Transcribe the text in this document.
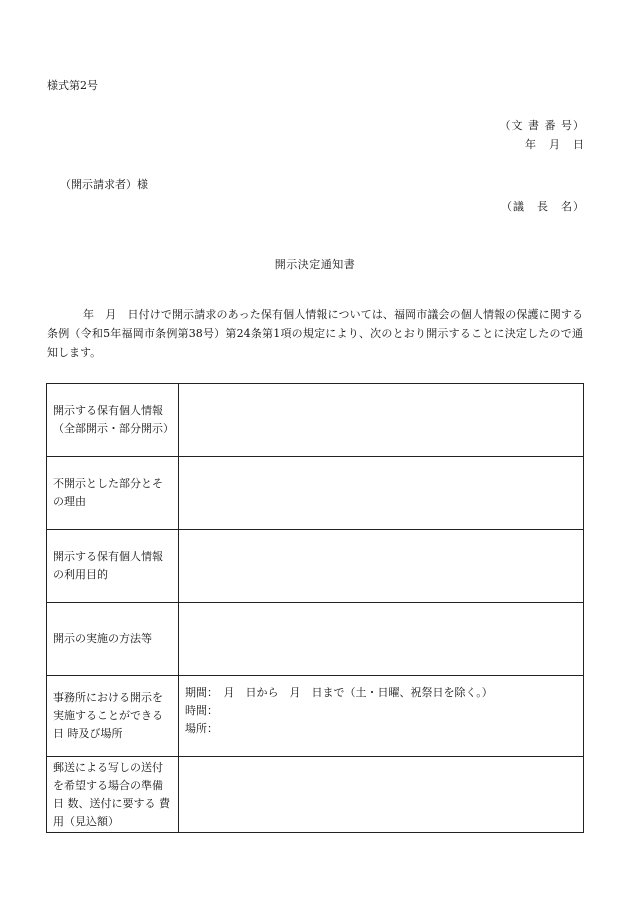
様式第2号
（文 書 番 号）
年　月　日
（開示請求者）様
（議　長　名）
開示決定通知書
年　月　日付けで開示請求のあった保有個人情報については、福岡市議会の個人情報の保護に関する条例（令和5年福岡市条例第38号）第24条第1項の規定により、次のとおり開示することに決定したので通知します。
開示する保有個人情報（全部開示・部分開示）	
不開示とした部分とその理由	
開示する保有個人情報 の利用目的	
開示の実施の方法等	
事務所における開示を 実施することができる日 時及び場所	期間：　月　日から　月　日まで（土・日曜、祝祭日を除く。）
時間：
場所：

郵送による写しの送付 を希望する場合の準備 日 数、送付に要する 費 用（見込額）	
